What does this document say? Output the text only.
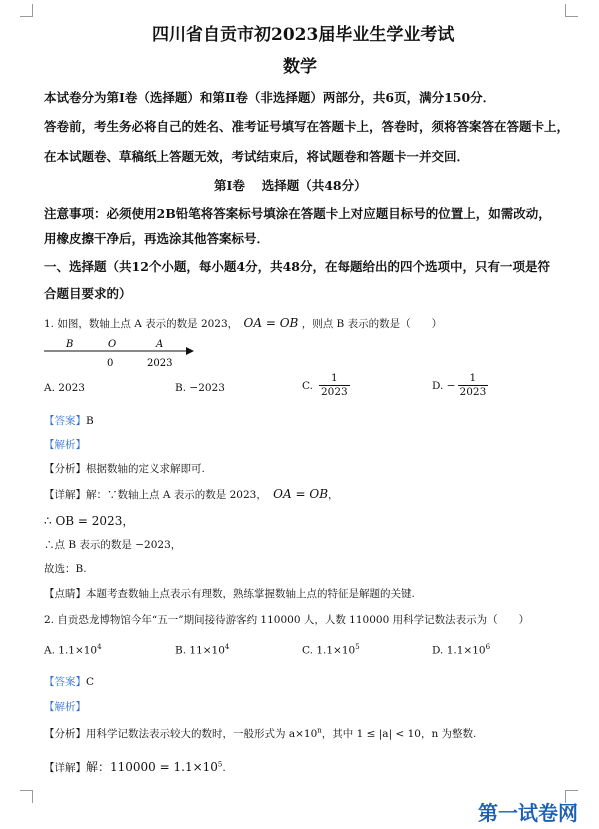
四川省自贡市初2023届毕业生学业考试
数学
本试卷分为第Ⅰ卷（选择题）和第Ⅱ卷（非选择题）两部分，共6页，满分150分．
答卷前，考生务必将自己的姓名、准考证号填写在答题卡上，答卷时，须将答案答在答题卡上，
在本试题卷、草稿纸上答题无效，考试结束后，将试题卷和答题卡一并交回．
第Ⅰ卷　 选择题（共48分）
注意事项：必须使用2B铅笔将答案标号填涂在答题卡上对应题目标号的位置上，如需改动，
用橡皮擦干净后，再选涂其他答案标号．
一、选择题（共12个小题，每小题4分，共48分，在每题给出的四个选项中，只有一项是符
合题目要求的）
1. 如图，数轴上点 A 表示的数是 2023， OA = OB ，则点 B 表示的数是（　　）
B	O	A
0	2023
A. 2023	B. −2023	C. $\frac{1}{2023}$	D. − $\frac{1}{2023}$
【答案】B
【解析】
【分析】根据数轴的定义求解即可.
【详解】解：∵数轴上点 A 表示的数是 2023， OA = OB，
∴ OB = 2023，
∴点 B 表示的数是 −2023，
故选：B.
【点睛】本题考查数轴上点表示有理数，熟练掌握数轴上点的特征是解题的关键.
2. 自贡恐龙博物馆今年“五一”期间接待游客约 110000 人，人数 110000 用科学记数法表示为（　　）
A. $1.1\times 10^4$	B. $11\times 10^4$	C. $1.1\times 10^5$	D. $1.1\times 10^6$
【答案】C
【解析】
【分析】用科学记数法表示较大的数时，一般形式为 $a\times 10^n$，其中 1 ≤ |a| < 10，n 为整数.
【详解】解：$110000 = 1.1\times 10^5$.
第一试卷网
